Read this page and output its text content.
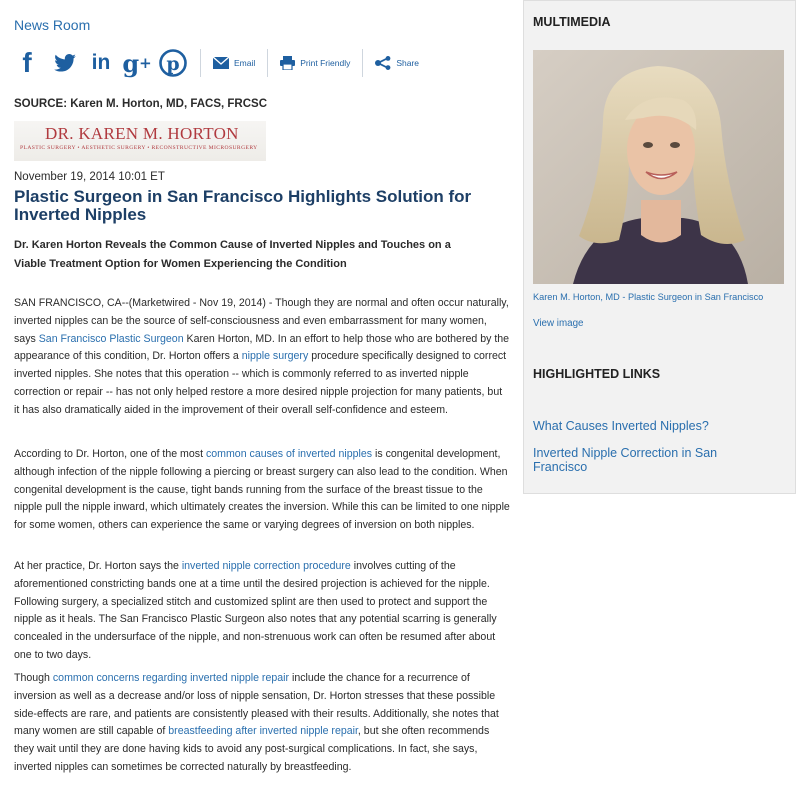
News Room
f	in g + p	Email	Print Friendly	Share
SOURCE: Karen M. Horton, MD, FACS, FRCSC
DR. KAREN M. HORTON
PLASTIC SURGERY • AESTHETIC SURGERY • RECONSTRUCTIVE MICROSURGERY
November 19, 2014 10:01 ET
Plastic Surgeon in San Francisco Highlights Solution for Inverted Nipples
Dr. Karen Horton Reveals the Common Cause of Inverted Nipples and Touches on a Viable Treatment Option for Women Experiencing the Condition

SAN FRANCISCO, CA--(Marketwired - Nov 19, 2014) - Though they are normal and often occur naturally, inverted nipples can be the source of self-consciousness and even embarrassment for many women, says San Francisco Plastic Surgeon Karen Horton, MD. In an effort to help those who are bothered by the appearance of this condition, Dr. Horton offers a nipple surgery procedure specifically designed to correct inverted nipples. She notes that this operation -- which is commonly referred to as inverted nipple correction or repair -- has not only helped restore a more desired nipple projection for many patients, but it has also dramatically aided in the improvement of their overall self-confidence and esteem.

According to Dr. Horton, one of the most common causes of inverted nipples is congenital development, although infection of the nipple following a piercing or breast surgery can also lead to the condition. When congenital development is the cause, tight bands running from the surface of the breast tissue to the nipple pull the nipple inward, which ultimately creates the inversion. While this can be limited to one nipple for some women, others can experience the same or varying degrees of inversion on both nipples.

At her practice, Dr. Horton says the inverted nipple correction procedure involves cutting of the aforementioned constricting bands one at a time until the desired projection is achieved for the nipple. Following surgery, a specialized stitch and customized splint are then used to protect and support the nipple as it heals. The San Francisco Plastic Surgeon also notes that any potential scarring is generally concealed in the undersurface of the nipple, and non-strenuous work can often be resumed after about one to two days.

Though common concerns regarding inverted nipple repair include the chance for a recurrence of inversion as well as a decrease and/or loss of nipple sensation, Dr. Horton stresses that these possible side-effects are rare, and patients are consistently pleased with their results. Additionally, she notes that many women are still capable of breastfeeding after inverted nipple repair, but she often recommends they wait until they are done having kids to avoid any post-surgical complications. In fact, she says, inverted nipples can sometimes be corrected naturally by breastfeeding.

MULTIMEDIA
Karen M. Horton, MD - Plastic Surgeon in San Francisco
View image
HIGHLIGHTED LINKS
What Causes Inverted Nipples?
Inverted Nipple Correction in San Francisco
